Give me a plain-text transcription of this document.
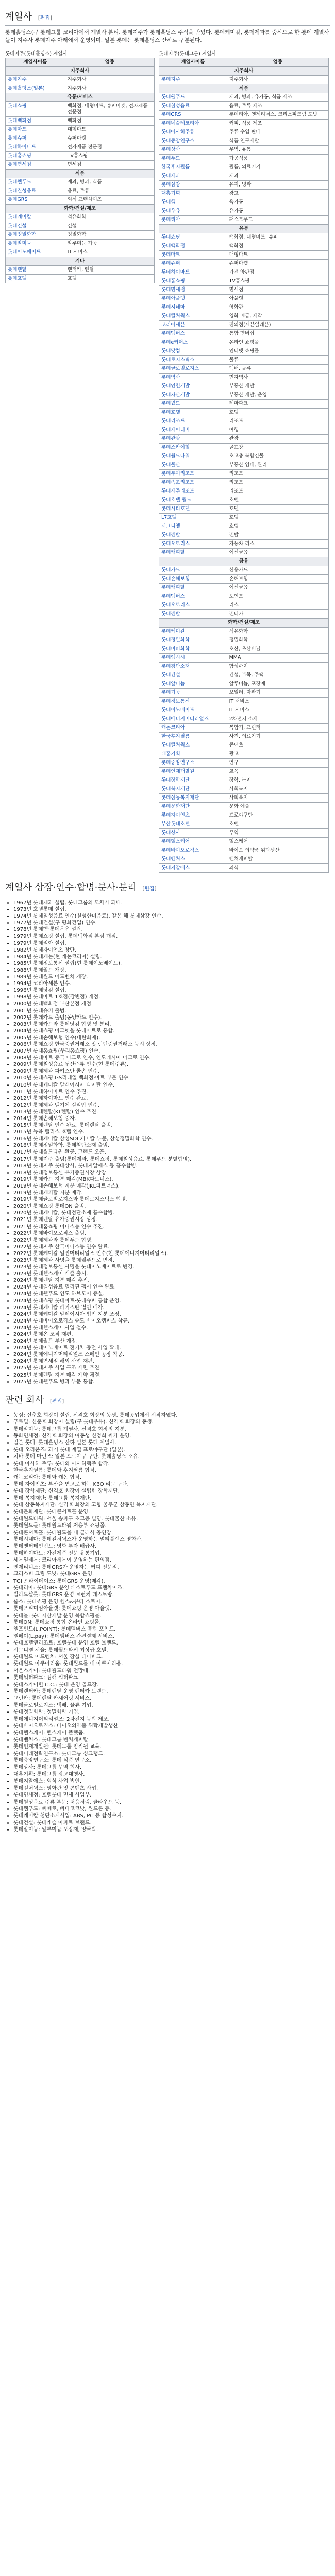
계열사 [편집]

롯데홀딩스(구 롯데그룹 코리아에서 계열사 분리. 롯데지주가 롯데홀딩스 주식을 받았다. 롯데케미칼, 롯데제과를 중심으로 한 롯데 계열사들이 지주사 롯데지주 아래에서 운영되며, 일본 롯데는 롯데홀딩스 산하로 구분된다.

롯데지주(롯데홀딩스) 계열사
계열사이름	업종
지주회사	
롯데지주	지주회사
롯데홀딩스(일본)	지주회사
유통/서비스	
롯데쇼핑	백화점, 대형마트, 슈퍼마켓, 전자제품 전문점
롯데백화점	백화점
롯데마트	대형마트
롯데슈퍼	슈퍼마켓
롯데하이마트	전자제품 전문점
롯데홈쇼핑	TV홈쇼핑
롯데면세점	면세점
식품	
롯데웰푸드	제과, 빙과, 식품
롯데칠성음료	음료, 주류
롯데GRS	외식 프랜차이즈
화학/건설/제조	
롯데케미칼	석유화학
롯데건설	건설
롯데정밀화학	정밀화학
롯데알미늄	알루미늄 가공
롯데이노베이트	IT 서비스
기타	
롯데렌탈	렌터카, 렌탈
롯데호텔	호텔
롯데지주(롯데그룹) 계열사
계열사이름	업종
지주회사	
롯데지주	지주회사
식품	
롯데웰푸드	제과, 빙과, 유가공, 식품 제조
롯데칠성음료	음료, 주류 제조
롯데GRS	롯데리아, 엔제리너스, 크리스피크림 도넛
롯데네슬레코리아	커피, 식품 제조
롯데아사히주류	주류 수입 판매
롯데중앙연구소	식품 연구개발
롯데상사	무역, 유통
롯데푸드	가공식품
한국후지필름	필름, 의료기기
롯데제과	제과
롯데삼강	유지, 빙과
대흥기획	광고
롯데햄	육가공
롯데우유	유가공
롯데리아	패스트푸드
유통	
롯데쇼핑	백화점, 대형마트, 슈퍼
롯데백화점	백화점
롯데마트	대형마트
롯데슈퍼	슈퍼마켓
롯데하이마트	가전 양판점
롯데홈쇼핑	TV홈쇼핑
롯데면세점	면세점
롯데아울렛	아울렛
롯데시네마	영화관
롯데컬처웍스	영화 배급, 제작
코리아세븐	편의점(세븐일레븐)
롯데멤버스	통합 멤버십
롯데e커머스	온라인 쇼핑몰
롯데닷컴	인터넷 쇼핑몰
롯데로지스틱스	물류
롯데글로벌로지스	택배, 물류
롯데역사	민자역사
롯데인천개발	부동산 개발
롯데자산개발	부동산 개발, 운영
롯데월드	테마파크
롯데호텔	호텔
롯데리조트	리조트
롯데제이티비	여행
롯데관광	관광
롯데스카이힐	골프장
롯데월드타워	초고층 복합건물
롯데물산	부동산 임대, 관리
롯데부여리조트	리조트
롯데속초리조트	리조트
롯데제주리조트	리조트
롯데호텔 월드	호텔
롯데시티호텔	호텔
L7호텔	호텔
시그니엘	호텔
롯데렌탈	렌탈
롯데오토리스	자동차 리스
롯데캐피탈	여신금융
금융	
롯데카드	신용카드
롯데손해보험	손해보험
롯데캐피탈	여신금융
롯데멤버스	포인트
롯데오토리스	리스
롯데렌탈	렌터카
화학/건설/제조	
롯데케미칼	석유화학
롯데정밀화학	정밀화학
롯데비피화학	초산, 초산비닐
롯데엠시시	MMA
롯데첨단소재	합성수지
롯데건설	건설, 토목, 주택
롯데알미늄	알루미늄, 포장재
롯데기공	보일러, 자판기
롯데정보통신	IT 서비스
롯데이노베이트	IT 서비스
롯데에너지머티리얼즈	2차전지 소재
캐논코리아	복합기, 프린터
한국후지필름	사진, 의료기기
롯데컬처웍스	콘텐츠
대홍기획	광고
롯데중앙연구소	연구
롯데인재개발원	교육
롯데장학재단	장학, 복지
롯데복지재단	사회복지
롯데삼동복지재단	사회복지
롯데문화재단	문화 예술
롯데자이언츠	프로야구단
부산롯데호텔	호텔
롯데상사	무역
롯데헬스케어	헬스케어
롯데바이오로직스	바이오 의약품 위탁생산
롯데벤처스	벤처캐피탈
롯데지알에스	외식
계열사 상장·인수·합병·분사·분리 [편집]
• 1967년 롯데제과 설립, 롯데그룹의 모체가 되다.
• 1973년 호텔롯데 설립.
• 1974년 롯데칠성음료 인수(칠성한미음료). 같은 해 롯데삼강 인수.
• 1977년 롯데건설(구 평화건업) 인수.
• 1978년 롯데햄·롯데우유 설립.
• 1979년 롯데쇼핑 설립, 롯데백화점 본점 개점.
• 1979년 롯데리아 설립.
• 1982년 롯데자이언츠 창단.
• 1984년 롯데캐논(현 캐논코리아) 설립.
• 1985년 롯데정보통신 설립(현 롯데이노베이트).
• 1988년 롯데월드 개장.
• 1989년 롯데월드 어드벤처 개장.
• 1994년 코리아세븐 인수.
• 1996년 롯데닷컴 설립.
• 1998년 롯데마트 1호점(강변점) 개점.
• 2000년 롯데백화점 부산본점 개점.
• 2001년 롯데슈퍼 출범.
• 2002년 롯데카드 출범(동양카드 인수).
• 2003년 롯데카드와 롯데닷컴 합병 및 분리.
• 2004년 롯데쇼핑 마그넷을 롯데마트로 통합.
• 2005년 롯데손해보험 인수(대한화재).
• 2006년 롯데쇼핑 한국증권거래소 및 런던증권거래소 동시 상장.
• 2007년 롯데홈쇼핑(우리홈쇼핑) 인수.
• 2008년 롯데마트 중국 마크로 인수, 인도네시아 마크로 인수.
• 2009년 롯데칠성음료 두산주류 인수(현 롯데주류).
• 2009년 롯데제과 파키스탄 콜손 인수.
• 2010년 롯데쇼핑 GS리테일 백화점·마트 부문 인수.
• 2010년 롯데케미칼 말레이시아 타이탄 인수.
• 2011년 롯데하이마트 인수 추진.
• 2012년 롯데하이마트 인수 완료.
• 2012년 롯데제과 벨기에 길리안 인수.
• 2013년 롯데렌탈(KT렌탈) 인수 추진.
• 2014년 롯데손해보험 증자.
• 2015년 롯데렌탈 인수 완료. 롯데렌탈 출범.
• 2015년 뉴욕 팰리스 호텔 인수.
• 2016년 롯데케미칼 삼성SDI 케미칼 부문, 삼성정밀화학 인수.
• 2016년 롯데정밀화학, 롯데첨단소재 출범.
• 2017년 롯데월드타워 완공, 그랜드 오픈.
• 2017년 롯데지주 출범(롯데제과, 롯데쇼핑, 롯데칠성음료, 롯데푸드 분할합병).
• 2018년 롯데지주 롯데상사, 롯데지알에스 등 흡수합병.
• 2018년 롯데정보통신 유가증권시장 상장.
• 2019년 롯데카드 지분 매각(MBK파트너스).
• 2019년 롯데손해보험 지분 매각(JKL파트너스).
• 2019년 롯데캐피탈 지분 매각.
• 2019년 롯데글로벌로지스와 롯데로지스틱스 합병.
• 2020년 롯데쇼핑 롯데ON 출범.
• 2020년 롯데케미칼, 롯데첨단소재 흡수합병.
• 2021년 롯데렌탈 유가증권시장 상장.
• 2021년 롯데홈쇼핑 미니스톱 인수 추진.
• 2022년 롯데바이오로직스 출범.
• 2022년 롯데제과와 롯데푸드 합병.
• 2022년 롯데지주 한국미니스톱 인수 완료.
• 2022년 롯데케미칼 일진머티리얼즈 인수(현 롯데에너지머티리얼즈).
• 2023년 롯데제과 사명을 롯데웰푸드로 변경.
• 2023년 롯데정보통신 사명을 롯데이노베이트로 변경.
• 2023년 롯데헬스케어 캐즐 출시.
• 2024년 롯데렌탈 지분 매각 추진.
• 2024년 롯데칠성음료 필리핀 펩시 인수 완료.
• 2024년 롯데웰푸드 인도 하브모어 증설.
• 2024년 롯데쇼핑 롯데마트·롯데슈퍼 통합 운영.
• 2024년 롯데케미칼 파키스탄 법인 매각.
• 2024년 롯데케미칼 말레이시아 법인 지분 조정.
• 2024년 롯데바이오로직스 송도 바이오캠퍼스 착공.
• 2024년 롯데헬스케어 사업 철수.
• 2024년 롯데온 조직 재편.
• 2024년 롯데월드 부산 개장.
• 2024년 롯데이노베이트 전기차 충전 사업 확대.
• 2024년 롯데에너지머티리얼즈 스페인 공장 착공.
• 2024년 롯데면세점 해외 사업 재편.
• 2025년 롯데지주 사업 구조 재편 추진.
• 2025년 롯데렌탈 지분 매각 계약 체결.
• 2025년 롯데웰푸드 빙과 부문 통합.
관련 회사 [편집]
• 농심: 신춘호 회장이 설립. 신격호 회장의 동생. 롯데공업에서 시작하였다.
• 푸르밀: 신준호 회장이 설립(구 롯데우유). 신격호 회장의 동생.
• 롯데알미늄: 롯데그룹 계열사. 신격호 회장의 지분.
• 동화면세점: 신격호 회장의 여동생 신정희 씨가 운영.
• 일본 롯데: 롯데홀딩스 산하 일본 롯데 계열사.
• 롯데 오리온즈: 과거 롯데 계열 프로야구단 (일본).
• 치바 롯데 마린즈: 일본 프로야구 구단. 롯데홀딩스 소유.
• 롯데 아사히 주류: 롯데와 아사히맥주 합작.
• 한국후지필름: 롯데와 후지필름 합작.
• 캐논코리아: 롯데와 캐논 합작.
• 롯데 자이언츠: 부산을 연고로 하는 KBO 리그 구단.
• 롯데 장학재단: 신격호 회장이 설립한 장학재단.
• 롯데 복지재단: 롯데그룹 복지재단.
• 롯데 삼동복지재단: 신격호 회장의 고향 울주군 삼동면 복지재단.
• 롯데문화재단: 롯데콘서트홀 운영.
• 롯데월드타워: 서울 송파구 초고층 빌딩. 롯데물산 소유.
• 롯데월드몰: 롯데월드타워 저층부 쇼핑몰.
• 롯데콘서트홀: 롯데월드몰 내 클래식 공연장.
• 롯데시네마: 롯데컬처웍스가 운영하는 멀티플렉스 영화관.
• 롯데엔터테인먼트: 영화 투자 배급사.
• 롯데하이마트: 가전제품 전문 유통기업.
• 세븐일레븐: 코리아세븐이 운영하는 편의점.
• 엔제리너스: 롯데GRS가 운영하는 커피 전문점.
• 크리스피 크림 도넛: 롯데GRS 운영.
• TGI 프라이데이스: 롯데GRS 운영(매각).
• 롯데리아: 롯데GRS 운영 패스트푸드 프랜차이즈.
• 빌라드샬롯: 롯데GRS 운영 브런치 레스토랑.
• 롭스: 롯데쇼핑 운영 헬스&뷰티 스토어.
• 롯데프리미엄아울렛: 롯데쇼핑 운영 아울렛.
• 롯데몰: 롯데자산개발 운영 복합쇼핑몰.
• 롯데ON: 롯데쇼핑 통합 온라인 쇼핑몰.
• 엘포인트(L.POINT): 롯데멤버스 통합 포인트.
• 엘페이(L.pay): 롯데멤버스 간편결제 서비스.
• 롯데호텔앤리조트: 호텔롯데 운영 호텔 브랜드.
• 시그니엘 서울: 롯데월드타워 최상급 호텔.
• 롯데월드 어드벤처: 서울 잠실 테마파크.
• 롯데월드 아쿠아리움: 롯데월드몰 내 아쿠아리움.
• 서울스카이: 롯데월드타워 전망대.
• 롯데워터파크: 김해 워터파크.
• 롯데스카이힐 C.C.: 롯데 운영 골프장.
• 롯데렌터카: 롯데렌탈 운영 렌터카 브랜드.
• 그린카: 롯데렌탈 카셰어링 서비스.
• 롯데글로벌로지스: 택배, 물류 기업.
• 롯데정밀화학: 정밀화학 기업.
• 롯데에너지머티리얼즈: 2차전지 동박 제조.
• 롯데바이오로직스: 바이오의약품 위탁개발생산.
• 롯데헬스케어: 헬스케어 플랫폼.
• 롯데벤처스: 롯데그룹 벤처캐피탈.
• 롯데인재개발원: 롯데그룹 임직원 교육.
• 롯데미래전략연구소: 롯데그룹 싱크탱크.
• 롯데중앙연구소: 롯데 식품 연구소.
• 롯데상사: 롯데그룹 무역 회사.
• 대홍기획: 롯데그룹 광고대행사.
• 롯데지알에스: 외식 사업 법인.
• 롯데컬처웍스: 영화관 및 콘텐츠 사업.
• 롯데면세점: 호텔롯데 면세 사업부.
• 롯데칠성음료 주류 부문: 처음처럼, 클라우드 등.
• 롯데웰푸드: 빼빼로, 빠다코코낫, 월드콘 등.
• 롯데케미칼 첨단소재사업: ABS, PC 등 합성수지.
• 롯데건설: 롯데캐슬 아파트 브랜드.
• 롯데알미늄: 알루미늄 포장재, 양극박.
